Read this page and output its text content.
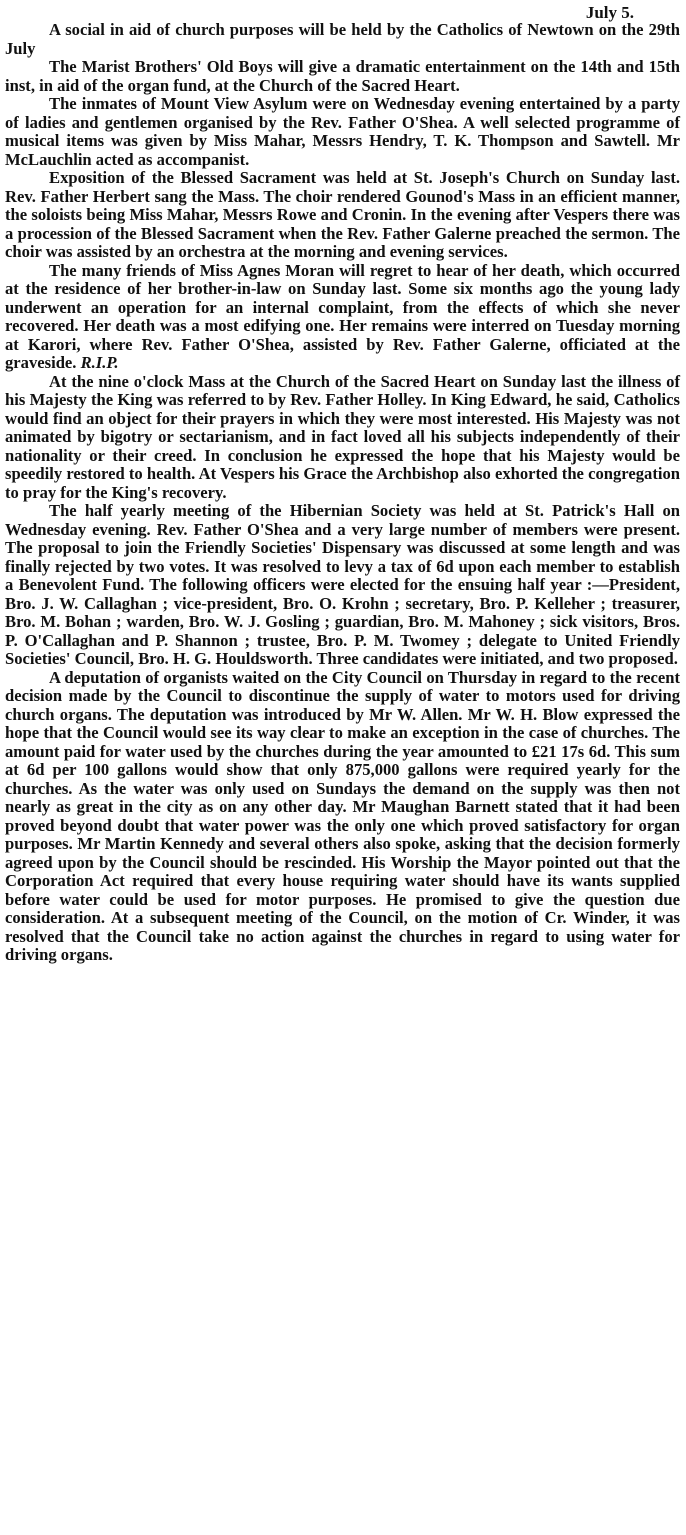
July 5.

A social in aid of church purposes will be held by the Catholics of Newtown on the 29th July

The Marist Brothers' Old Boys will give a dramatic entertainment on the 14th and 15th inst, in aid of the organ fund, at the Church of the Sacred Heart.

The inmates of Mount View Asylum were on Wednesday evening entertained by a party of ladies and gentlemen organised by the Rev. Father O'Shea. A well selected programme of musical items was given by Miss Mahar, Messrs Hendry, T. K. Thompson and Sawtell. Mr McLauchlin acted as accompanist.

Exposition of the Blessed Sacrament was held at St. Joseph's Church on Sunday last. Rev. Father Herbert sang the Mass. The choir rendered Gounod's Mass in an efficient manner, the soloists being Miss Mahar, Messrs Rowe and Cronin. In the evening after Vespers there was a procession of the Blessed Sacrament when the Rev. Father Galerne preached the sermon. The choir was assisted by an orchestra at the morning and evening services.

The many friends of Miss Agnes Moran will regret to hear of her death, which occurred at the residence of her brother-in-law on Sunday last. Some six months ago the young lady underwent an operation for an internal complaint, from the effects of which she never recovered. Her death was a most edifying one. Her remains were interred on Tuesday morning at Karori, where Rev. Father O'Shea, assisted by Rev. Father Galerne, officiated at the graveside. R.I.P.

At the nine o'clock Mass at the Church of the Sacred Heart on Sunday last the illness of his Majesty the King was referred to by Rev. Father Holley. In King Edward, he said, Catholics would find an object for their prayers in which they were most interested. His Majesty was not animated by bigotry or sectarianism, and in fact loved all his subjects independently of their nationality or their creed. In conclusion he expressed the hope that his Majesty would be speedily restored to health. At Vespers his Grace the Archbishop also exhorted the congregation to pray for the King's recovery.

The half yearly meeting of the Hibernian Society was held at St. Patrick's Hall on Wednesday evening. Rev. Father O'Shea and a very large number of members were present. The proposal to join the Friendly Societies' Dispensary was discussed at some length and was finally rejected by two votes. It was resolved to levy a tax of 6d upon each member to establish a Benevolent Fund. The following officers were elected for the ensuing half year :—President, Bro. J. W. Callaghan ; vice-president, Bro. O. Krohn ; secretary, Bro. P. Kelleher ; treasurer, Bro. M. Bohan ; warden, Bro. W. J. Gosling ; guardian, Bro. M. Mahoney ; sick visitors, Bros. P. O'Callaghan and P. Shannon ; trustee, Bro. P. M. Twomey ; delegate to United Friendly Societies' Council, Bro. H. G. Houldsworth. Three candidates were initiated, and two proposed.

A deputation of organists waited on the City Council on Thursday in regard to the recent decision made by the Council to discontinue the supply of water to motors used for driving church organs. The deputation was introduced by Mr W. Allen. Mr W. H. Blow expressed the hope that the Council would see its way clear to make an exception in the case of churches. The amount paid for water used by the churches during the year amounted to £21 17s 6d. This sum at 6d per 100 gallons would show that only 875,000 gallons were required yearly for the churches. As the water was only used on Sundays the demand on the supply was then not nearly as great in the city as on any other day. Mr Maughan Barnett stated that it had been proved beyond doubt that water power was the only one which proved satisfactory for organ purposes. Mr Martin Kennedy and several others also spoke, asking that the decision formerly agreed upon by the Council should be rescinded. His Worship the Mayor pointed out that the Corporation Act required that every house requiring water should have its wants supplied before water could be used for motor purposes. He promised to give the question due consideration. At a subsequent meeting of the Council, on the motion of Cr. Winder, it was resolved that the Council take no action against the churches in regard to using water for driving organs.
